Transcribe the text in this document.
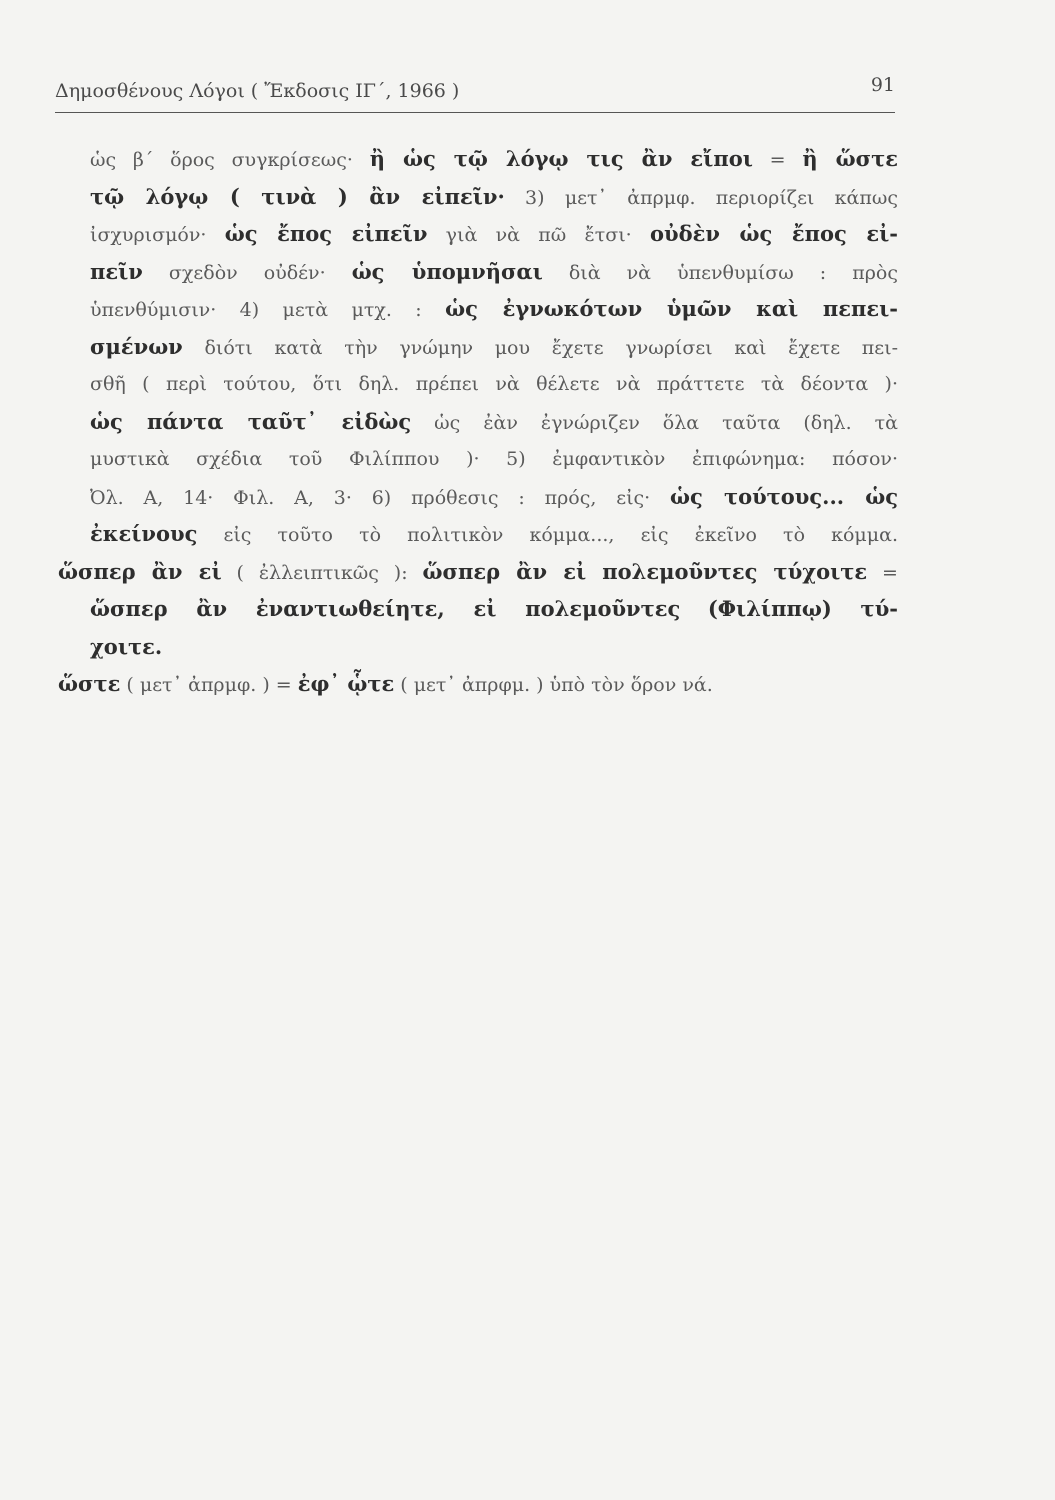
Δημοσθένους Λόγοι ( Ἔκδοσις ΙΓ΄, 1966 )	91
ὡς β΄ ὅρος συγκρίσεως· ἢ ὡς τῷ λόγῳ τις ἂν εἴποι = ἢ ὥστε
τῷ λόγῳ ( τινὰ ) ἂν εἰπεῖν· 3) μετ᾽ ἀπρμφ. περιορίζει κάπως
ἰσχυρισμόν· ὡς ἔπος εἰπεῖν γιὰ νὰ πῶ ἔτσι· οὐδὲν ὡς ἔπος εἰ-
πεῖν σχεδὸν οὐδέν· ὡς ὑπομνῆσαι διὰ νὰ ὑπενθυμίσω : πρὸς
ὑπενθύμισιν· 4) μετὰ μτχ. : ὡς ἐγνωκότων ὑμῶν καὶ πεπει-
σμένων διότι κατὰ τὴν γνώμην μου ἔχετε γνωρίσει καὶ ἔχετε πει-
σθῆ ( περὶ τούτου, ὅτι δηλ. πρέπει νὰ θέλετε νὰ πράττετε τὰ δέοντα )·
ὡς πάντα ταῦτ᾽ εἰδὼς ὡς ἐὰν ἐγνώριζεν ὅλα ταῦτα (δηλ. τὰ
μυστικὰ σχέδια τοῦ Φιλίππου )· 5) ἐμφαντικὸν ἐπιφώνημα: πόσον·
Ὀλ. Α, 14· Φιλ. Α, 3· 6) πρόθεσις : πρός, εἰς· ὡς τούτους... ὡς
ἐκείνους εἰς τοῦτο τὸ πολιτικὸν κόμμα..., εἰς ἐκεῖνο τὸ κόμμα.
ὥσπερ ἂν εἰ ( ἐλλειπτικῶς ): ὥσπερ ἂν εἰ πολεμοῦντες τύχοιτε =
ὥσπερ ἂν ἐναντιωθείητε, εἰ πολεμοῦντες (Φιλίππῳ) τύ-
χοιτε.
ὥστε ( μετ᾽ ἀπρμφ. ) = ἐφ᾽ ᾧτε ( μετ᾽ ἀπρφμ. ) ὑπὸ τὸν ὅρον νά.
